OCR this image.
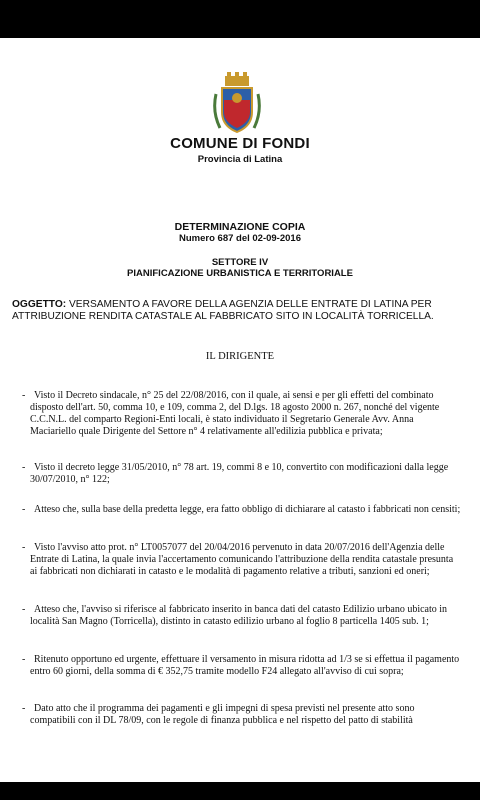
COMUNE DI FONDI
Provincia di Latina
DETERMINAZIONE COPIA
Numero 687 del 02-09-2016
SETTORE IV
PIANIFICAZIONE URBANISTICA E TERRITORIALE
OGGETTO: VERSAMENTO A FAVORE DELLA AGENZIA DELLE ENTRATE DI LATINA PER ATTRIBUZIONE RENDITA CATASTALE AL FABBRICATO SITO IN LOCALITÀ TORRICELLA.
IL DIRIGENTE
- Visto il Decreto sindacale, n° 25 del 22/08/2016, con il quale, ai sensi e per gli effetti del combinato disposto dell'art. 50, comma 10, e 109, comma 2, del D.lgs. 18 agosto 2000 n. 267, nonché del vigente C.C.N.L. del comparto Regioni-Enti locali, è stato individuato il Segretario Generale Avv. Anna Maciariello quale Dirigente del Settore n° 4 relativamente all'edilizia pubblica e privata;
- Visto il decreto legge 31/05/2010, n° 78 art. 19, commi 8 e 10, convertito con modificazioni dalla legge 30/07/2010, n° 122;
- Atteso che, sulla base della predetta legge, era fatto obbligo di dichiarare al catasto i fabbricati non censiti;
- Visto l'avviso atto prot. n° LT0057077 del 20/04/2016 pervenuto in data 20/07/2016 dell'Agenzia delle Entrate di Latina, la quale invia l'accertamento comunicando l'attribuzione della rendita catastale presunta ai fabbricati non dichiarati in catasto e le modalità di pagamento relative a tributi, sanzioni ed oneri;
- Atteso che, l'avviso si riferisce al fabbricato inserito in banca dati del catasto Edilizio urbano ubicato in località San Magno (Torricella), distinto in catasto edilizio urbano al foglio 8 particella 1405 sub. 1;
- Ritenuto opportuno ed urgente, effettuare il versamento in misura ridotta ad 1/3 se si effettua il pagamento entro 60 giorni, della somma di € 352,75 tramite modello F24 allegato all'avviso di cui sopra;
- Dato atto che il programma dei pagamenti e gli impegni di spesa previsti nel presente atto sono compatibili con il DL 78/09, con le regole di finanza pubblica e nel rispetto del patto di stabilità
